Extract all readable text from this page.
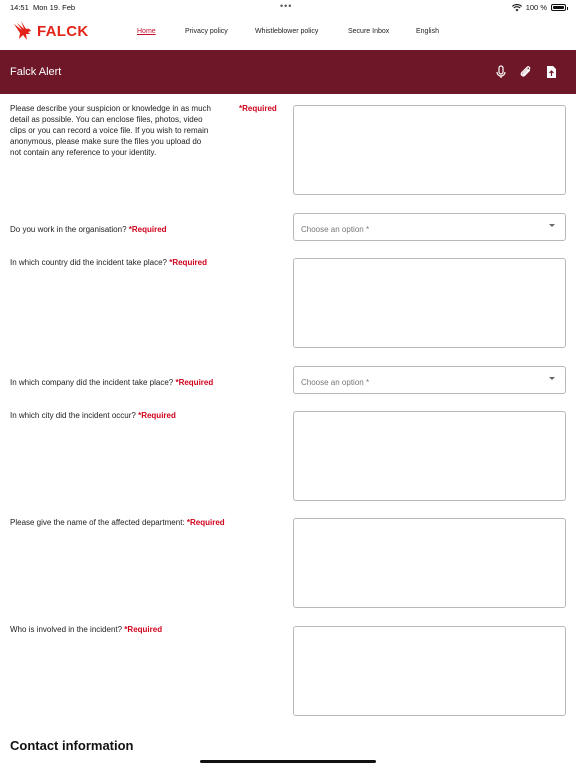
14:51 Mon 19. Feb	•••	100 %
FALCK	Home	Privacy policy	Whistleblower policy	Secure Inbox	English
Falck Alert
Please describe your suspicion or knowledge in as much	*Required
detail as possible. You can enclose files, photos, video
clips or you can record a voice file. If you wish to remain
anonymous, please make sure the files you upload do
not contain any reference to your identity.
Do you work in the organisation? *Required	Choose an option *
In which country did the incident take place? *Required
In which company did the incident take place? *Required	Choose an option *
In which city did the incident occur? *Required
Please give the name of the affected department: *Required
Who is involved in the incident? *Required
Contact information
